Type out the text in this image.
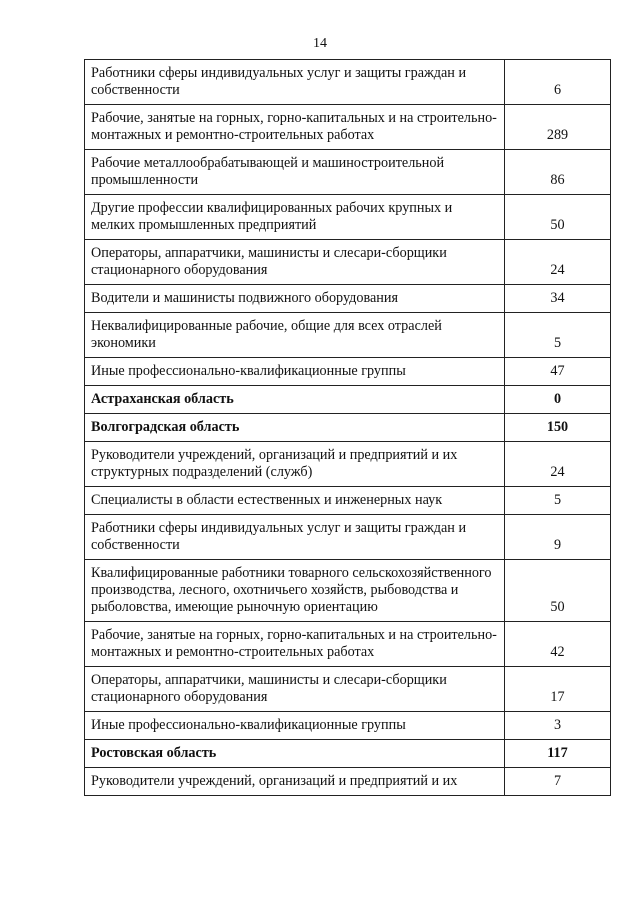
14
Работники сферы индивидуальных услуг и защиты граждан и собственности	6
Рабочие, занятые на горных, горно-капитальных и на строительно-монтажных и ремонтно-строительных работах	289
Рабочие металлообрабатывающей и машиностроительной промышленности	86
Другие профессии квалифицированных рабочих крупных и мелких промышленных предприятий	50
Операторы, аппаратчики, машинисты и слесари-сборщики стационарного оборудования	24
Водители и машинисты подвижного оборудования	34
Неквалифицированные рабочие, общие для всех отраслей экономики	5
Иные профессионально-квалификационные группы	47
Астраханская область	0
Волгоградская область	150
Руководители учреждений, организаций и предприятий и их структурных подразделений (служб)	24
Специалисты в области естественных и инженерных наук	5
Работники сферы индивидуальных услуг и защиты граждан и собственности	9
Квалифицированные работники товарного сельскохозяйственного производства, лесного, охотничьего хозяйств, рыбоводства и рыболовства, имеющие рыночную ориентацию	50
Рабочие, занятые на горных, горно-капитальных и на строительно-монтажных и ремонтно-строительных работах	42
Операторы, аппаратчики, машинисты и слесари-сборщики стационарного оборудования	17
Иные профессионально-квалификационные группы	3
Ростовская область	117
Руководители учреждений, организаций и предприятий и их	7
